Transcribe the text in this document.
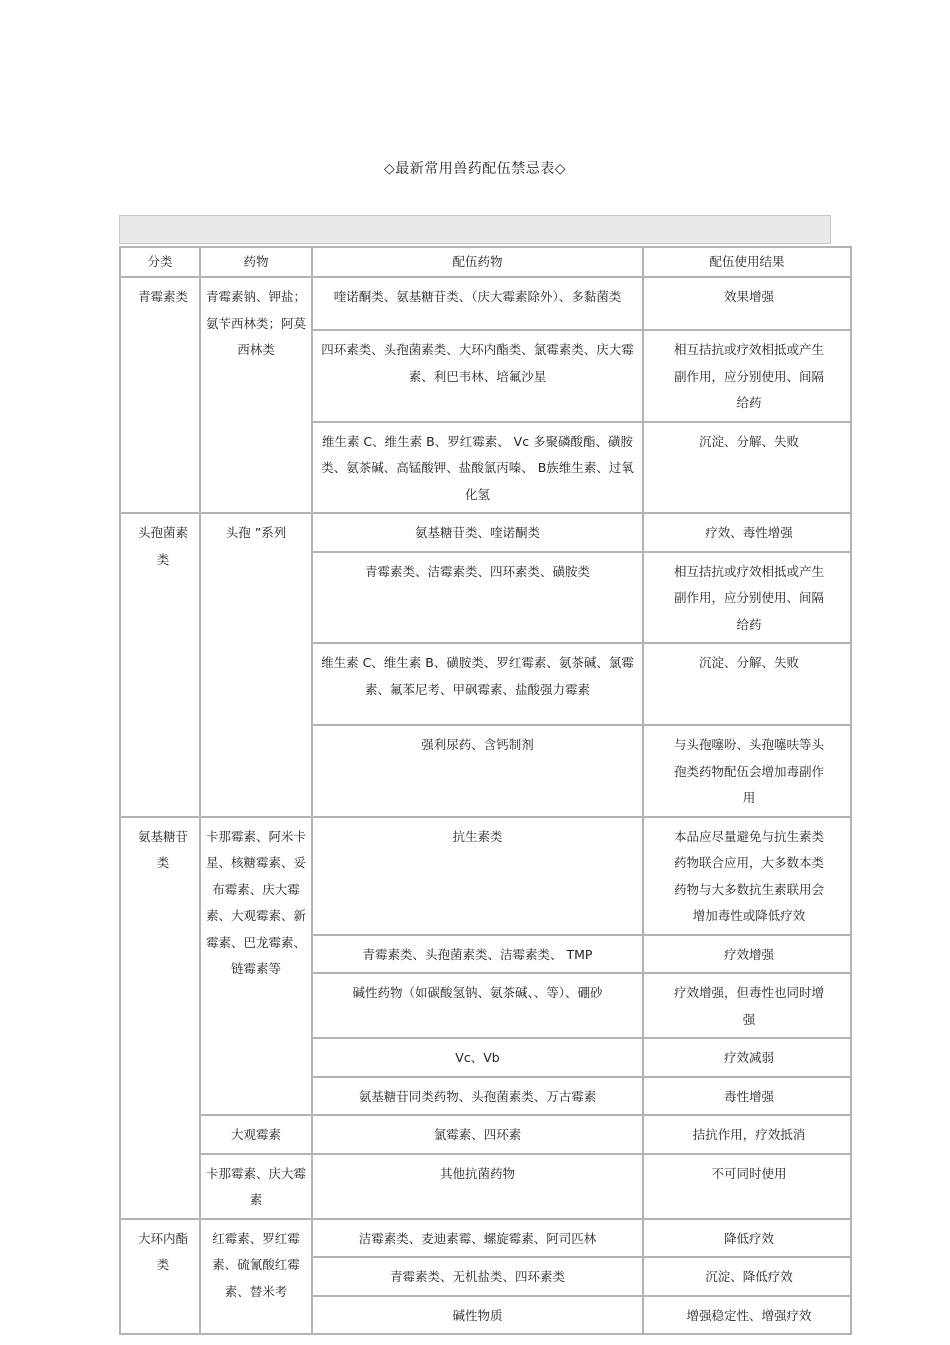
◇最新常用兽药配伍禁忌表◇
分类	药物	配伍药物	配伍使用结果
青霉素类	青霉素钠、钾盐；氨苄西林类；阿莫西林类	喹诺酮类、氨基糖苷类、（庆大霉素除外）、多黏菌类	效果增强
		四环素类、头孢菌素类、大环内酯类、氯霉素类、庆大霉素、利巴韦林、培氟沙星	相互拮抗或疗效相抵或产生副作用，应分别使用、间隔给药
		维生素 C、维生素 B、罗红霉素、 Vc 多聚磷酸酯、磺胺类、氨茶碱、高锰酸钾、盐酸氯丙嗪、 B族维生素、过氧化氢	沉淀、分解、失败
头孢菌素类	头孢 ”系列	氨基糖苷类、喹诺酮类	疗效、毒性增强
		青霉素类、洁霉素类、四环素类、磺胺类	相互拮抗或疗效相抵或产生副作用，应分别使用、间隔给药
		维生素 C、维生素 B、磺胺类、罗红霉素、氨茶碱、氯霉素、氟苯尼考、甲砜霉素、盐酸强力霉素	沉淀、分解、失败
		强利尿药、含钙制剂	与头孢噻吩、头孢噻呋等头孢类药物配伍会增加毒副作用
氨基糖苷类	卡那霉素、阿米卡星、核糖霉素、妥布霉素、庆大霉素、大观霉素、新霉素、巴龙霉素、链霉素等	抗生素类	本品应尽量避免与抗生素类药物联合应用，大多数本类药物与大多数抗生素联用会增加毒性或降低疗效
		青霉素类、头孢菌素类、洁霉素类、 TMP	疗效增强
		碱性药物（如碳酸氢钠、氨茶碱、、等）、硼砂	疗效增强，但毒性也同时增强
		Vc、Vb	疗效减弱
		氨基糖苷同类药物、头孢菌素类、万古霉素	毒性增强
	大观霉素	氯霉素、四环素	拮抗作用，疗效抵消
	卡那霉素、庆大霉素	其他抗菌药物	不可同时使用
大环内酯类	红霉素、罗红霉素、硫氰酸红霉素、替米考	洁霉素类、麦迪素霉、螺旋霉素、阿司匹林	降低疗效
		青霉素类、无机盐类、四环素类	沉淀、降低疗效
		碱性物质	增强稳定性、增强疗效
